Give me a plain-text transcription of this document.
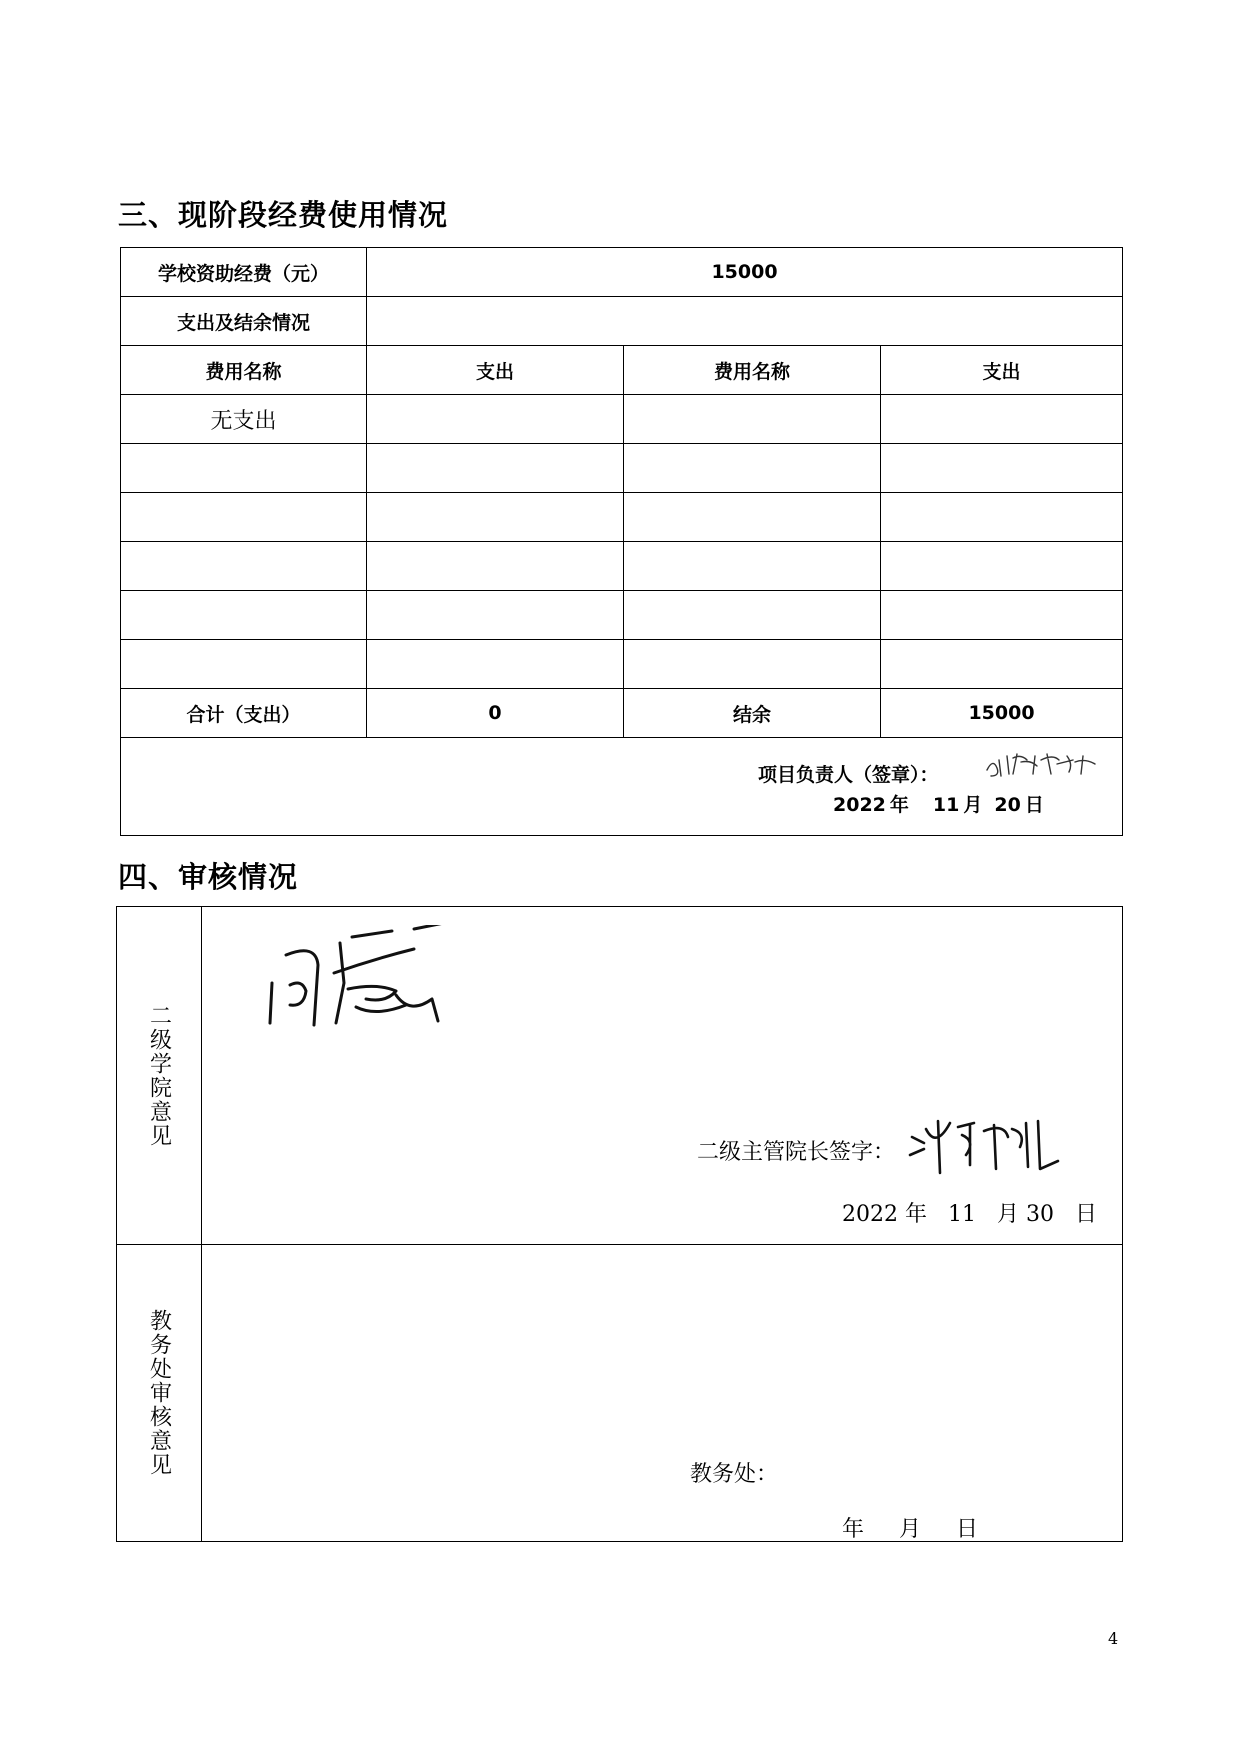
三、现阶段经费使用情况
学校资助经费（元）	15000		
支出及结余情况			
费用名称	支出	费用名称	支出
无支出			

合计（支出）	0	结余	15000

项目负责人（签章）：
2022 年 11 月 20 日			
四、审核情况
二级学院意见	二级主管院长签字：
2022 年 11 月 30 日

教务处审核意见	教务处：
年 月 日
4
